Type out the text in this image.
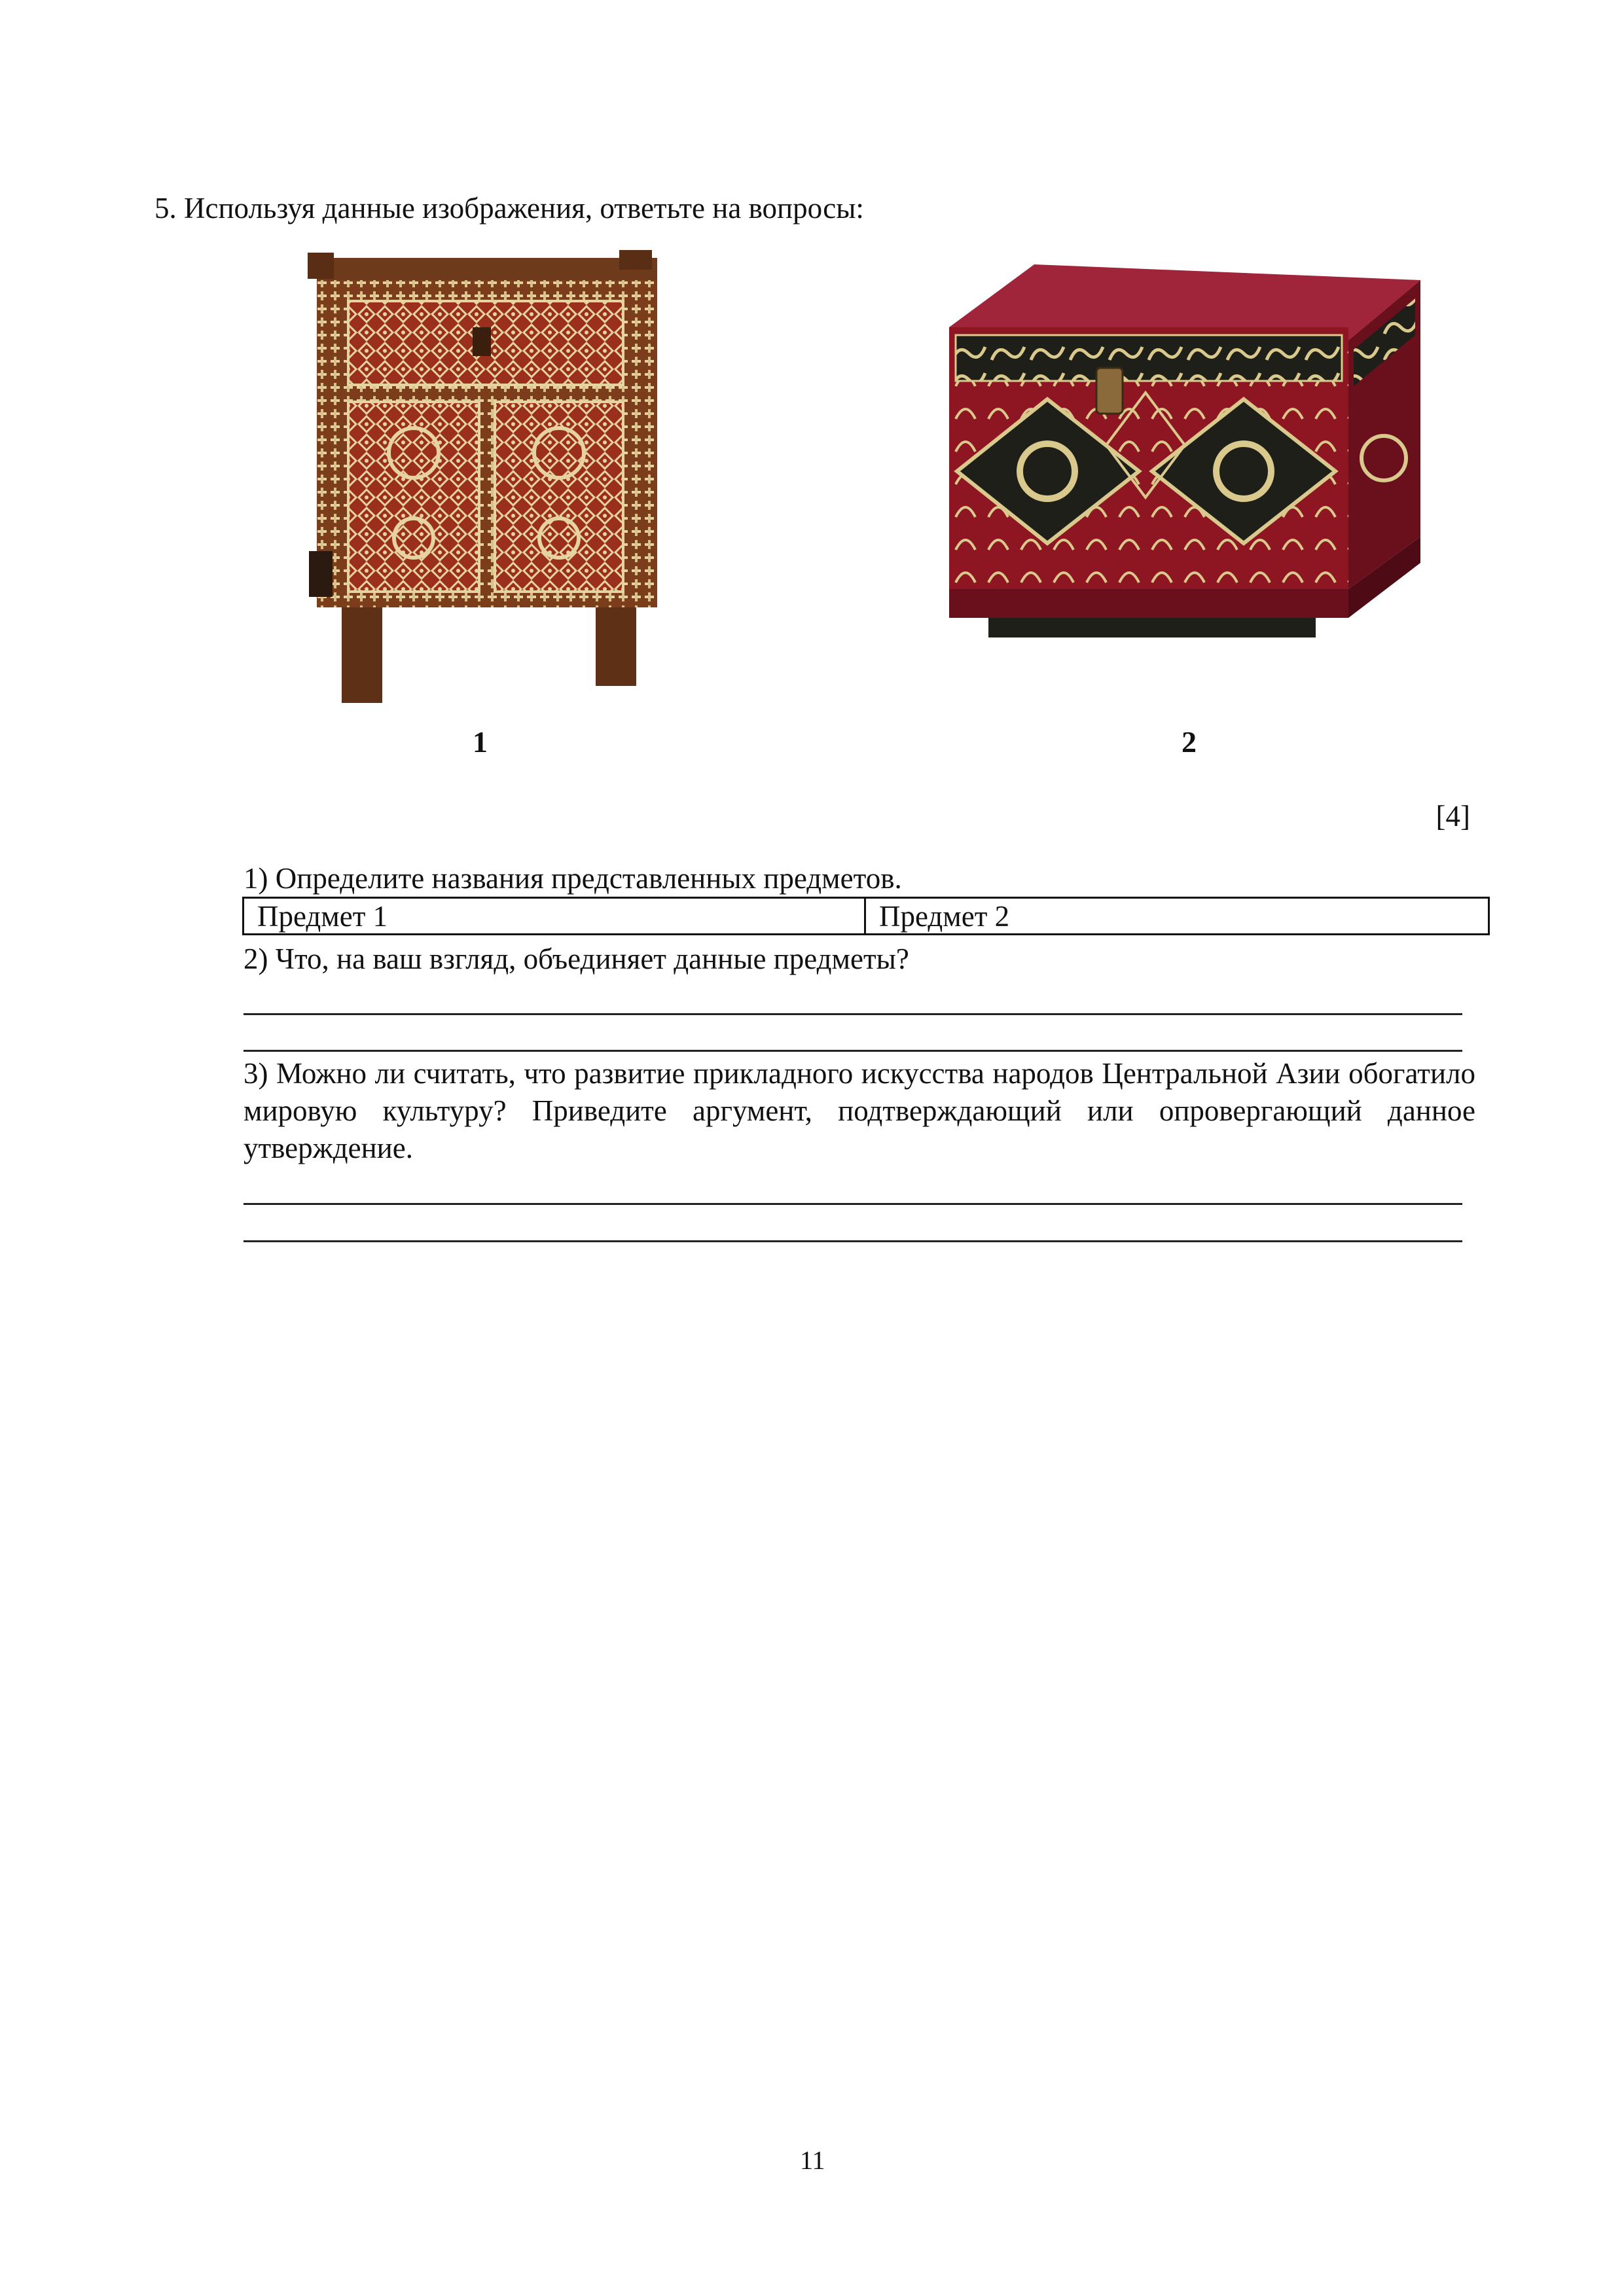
5. Используя данные изображения, ответьте на вопросы:
1	2
[4]
1) Определите названия представленных предметов.
Предмет 1	Предмет 2
2) Что, на ваш взгляд, объединяет данные предметы?
3) Можно ли считать, что развитие прикладного искусства народов Центральной Азии обогатило мировую культуру? Приведите аргумент, подтверждающий или опровергающий данное утверждение.
11
